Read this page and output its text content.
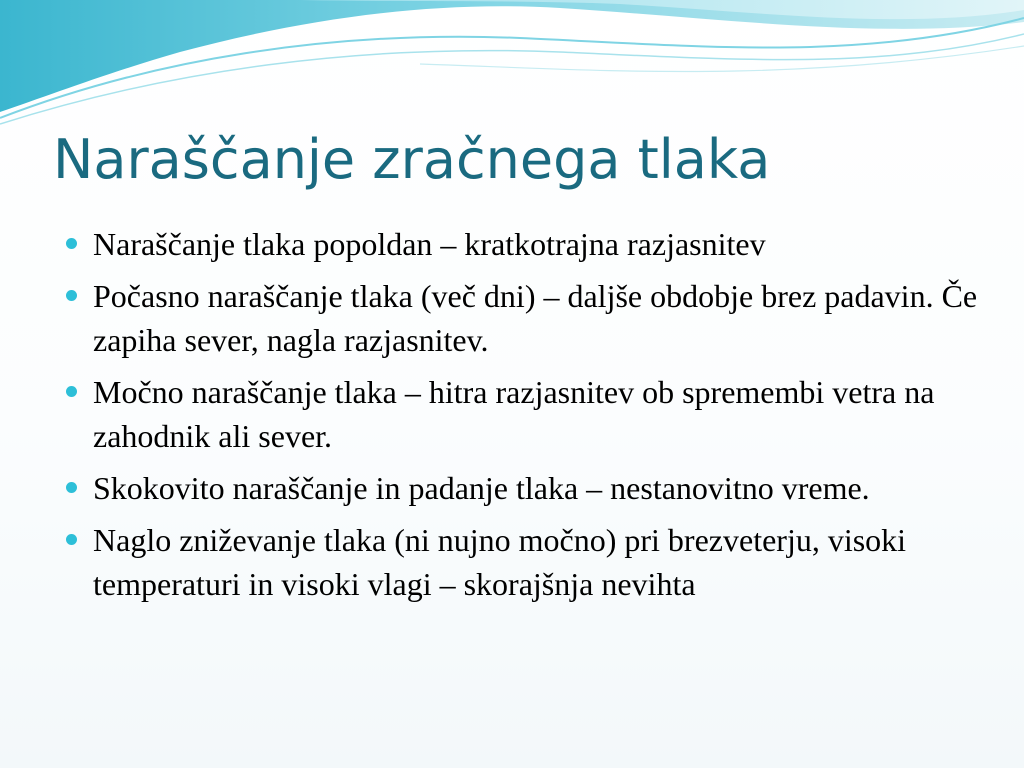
Naraščanje zračnega tlaka
Naraščanje tlaka popoldan – kratkotrajna razjasnitev
Počasno naraščanje tlaka (več dni) – daljše obdobje brez padavin. Če zapiha sever, nagla razjasnitev.
Močno naraščanje tlaka – hitra razjasnitev ob spremembi vetra na zahodnik ali sever.
Skokovito naraščanje in padanje tlaka – nestanovitno vreme.
Naglo zniževanje tlaka (ni nujno močno) pri brezveterju, visoki temperaturi in visoki vlagi – skorajšnja nevihta
